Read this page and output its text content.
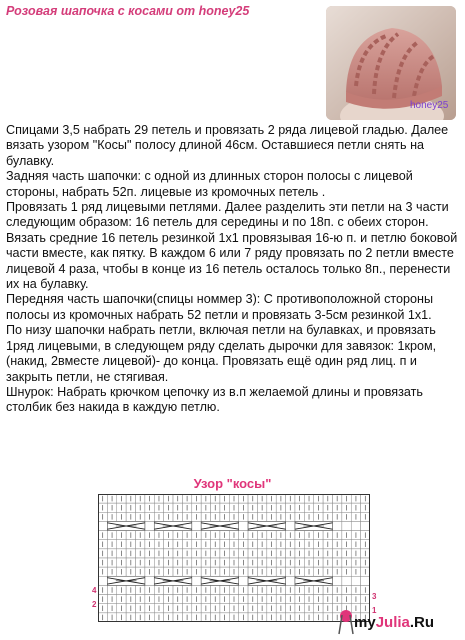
Розовая шапочка с косами от honey25
honey25

Спицами 3,5 набрать 29 петель и провязать 2 ряда лицевой гладью. Далее вязать узором "Косы" полосу длиной 46см. Оставшиеся петли снять на булавку.

Задняя часть шапочки: с одной из длинных сторон полосы с лицевой стороны, набрать 52п. лицевые из кромочных петель .

Провязать 1 ряд лицевыми петлями. Далее разделить эти петли на 3 части следующим образом: 16 петель для середины и по 18п. с обеих сторон. Вязать средние 16 петель резинкой 1х1 провязывая 16-ю п. и петлю боковой части вместе, как пятку. В каждом 6 или 7 ряду провязать по 2 петли вместе лицевой 4 раза, чтобы в конце из 16 петель осталось только 8п., перенести их на булавку.

Передняя часть шапочки(спицы номмер 3): С противоположной стороны полосы из кромочных набрать 52 петли и провязать 3-5см резинкой 1х1.

По низу шапочки набрать петли, включая петли на булавках, и провязать 1ряд лицевыми, в следующем ряду сделать дырочки для завязок: 1кром, (накид, 2вместе лицевой)- до конца. Провязать ещё один ряд лиц. п и закрыть петли, не стягивая.

Шнурок: Набрать крючком цепочку из в.п желаемой длины и провязать столбик без накида в каждую петлю.

Узор "косы"
4
2
3
1
myJulia.Ru
